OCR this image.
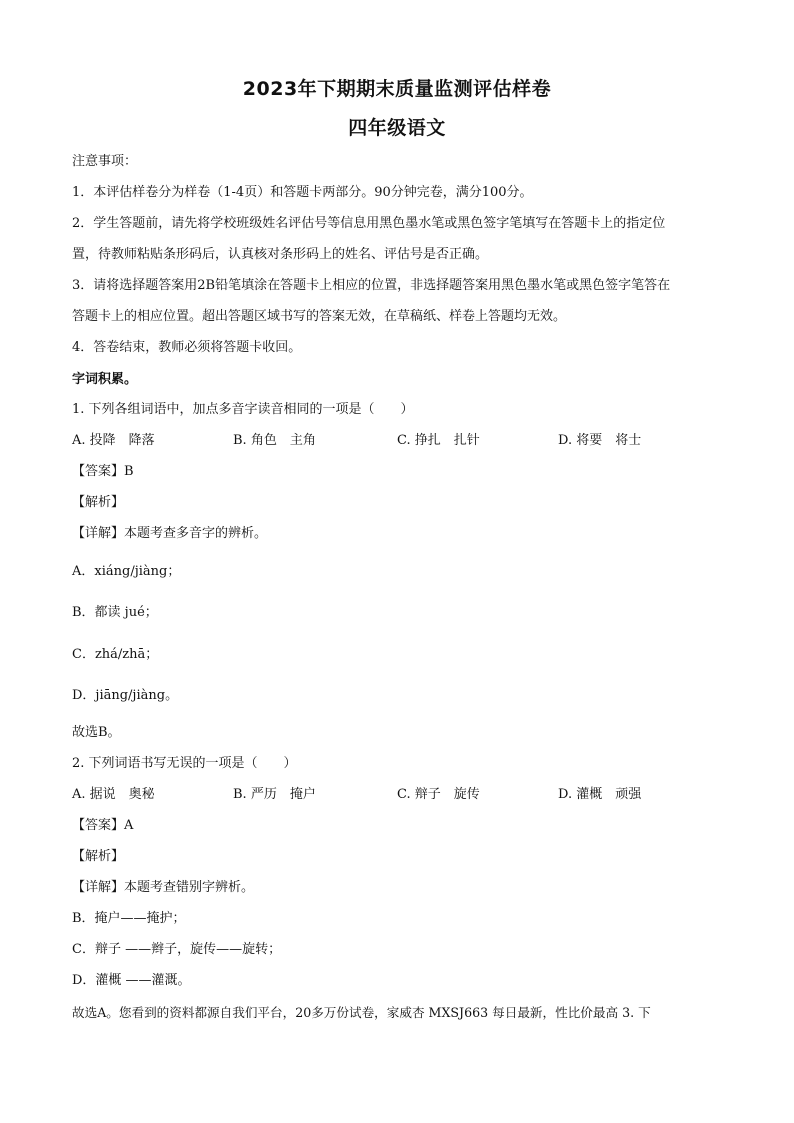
2023年下期期末质量监测评估样卷
四年级语文
注意事项：
1．本评估样卷分为样卷（1-4页）和答题卡两部分。90分钟完卷，满分100分。
2．学生答题前，请先将学校班级姓名评估号等信息用黑色墨水笔或黑色签字笔填写在答题卡上的指定位
置，待教师粘贴条形码后，认真核对条形码上的姓名、评估号是否正确。
3．请将选择题答案用2B铅笔填涂在答题卡上相应的位置，非选择题答案用黑色墨水笔或黑色签字笔答在
答题卡上的相应位置。超出答题区域书写的答案无效，在草稿纸、样卷上答题均无效。
4．答卷结束，教师必须将答题卡收回。
字词积累。
1. 下列各组词语中，加点多音字读音相同的一项是（　　）
A. 投降　降落	B. 角色　主角	C. 挣扎　扎针	D. 将要　将士
【答案】B
【解析】
【详解】本题考查多音字的辨析。
A．xiáng/jiàng；
B．都读 jué；
C．zhá/zhā；
D．jiāng/jiàng。
故选B。
2. 下列词语书写无误的一项是（　　）
A. 据说　奥秘	B. 严历　掩户	C. 辩子　旋传	D. 灌概　顽强
【答案】A
【解析】
【详解】本题考查错别字辨析。
B．掩户——掩护；
C．辩子 ——辫子，旋传——旋转；
D．灌概 ——灌溉。
故选A。您看到的资料都源自我们平台，20多万份试卷，家威杏 MXSJ663 每日最新，性比价最高 3. 下
